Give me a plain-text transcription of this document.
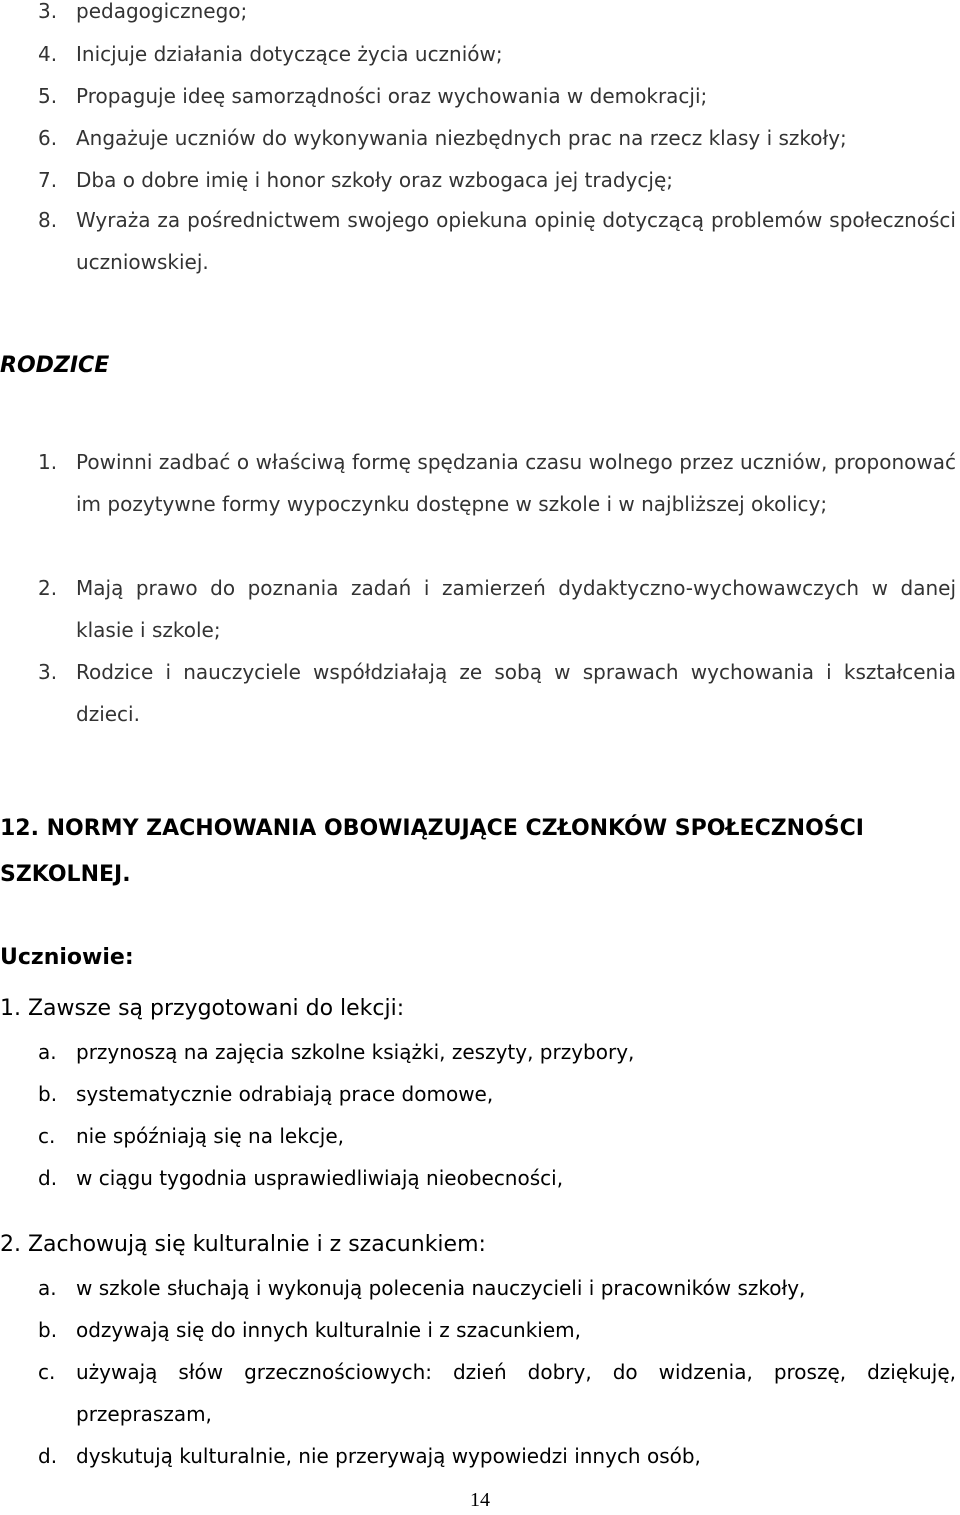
3. pedagogicznego;
4. Inicjuje działania dotyczące życia uczniów;
5. Propaguje ideę samorządności oraz wychowania w demokracji;
6. Angażuje uczniów do wykonywania niezbędnych prac na rzecz klasy i szkoły;
7. Dba o dobre imię i honor szkoły oraz wzbogaca jej tradycję;
8. Wyraża za pośrednictwem swojego opiekuna opinię dotyczącą problemów społeczności uczniowskiej.
RODZICE
1. Powinni zadbać o właściwą formę spędzania czasu wolnego przez uczniów, proponować im pozytywne formy wypoczynku dostępne w szkole i w najbliższej okolicy;
2. Mają prawo do poznania zadań i zamierzeń dydaktyczno-wychowawczych w danej klasie i szkole;
3. Rodzice i nauczyciele współdziałają ze sobą w sprawach wychowania i kształcenia dzieci.
12. NORMY ZACHOWANIA OBOWIĄZUJĄCE CZŁONKÓW SPOŁECZNOŚCI SZKOLNEJ.
Uczniowie:
1. Zawsze są przygotowani do lekcji:
a. przynoszą na zajęcia szkolne książki, zeszyty, przybory,
b. systematycznie odrabiają prace domowe,
c. nie spóźniają się na lekcje,
d. w ciągu tygodnia usprawiedliwiają nieobecności,
2. Zachowują się kulturalnie i z szacunkiem:
a. w szkole słuchają i wykonują polecenia nauczycieli i pracowników szkoły,
b. odzywają się do innych kulturalnie i z szacunkiem,
c. używają słów grzecznościowych: dzień dobry, do widzenia, proszę, dziękuję, przepraszam,
d. dyskutują kulturalnie, nie przerywają wypowiedzi innych osób,
14
